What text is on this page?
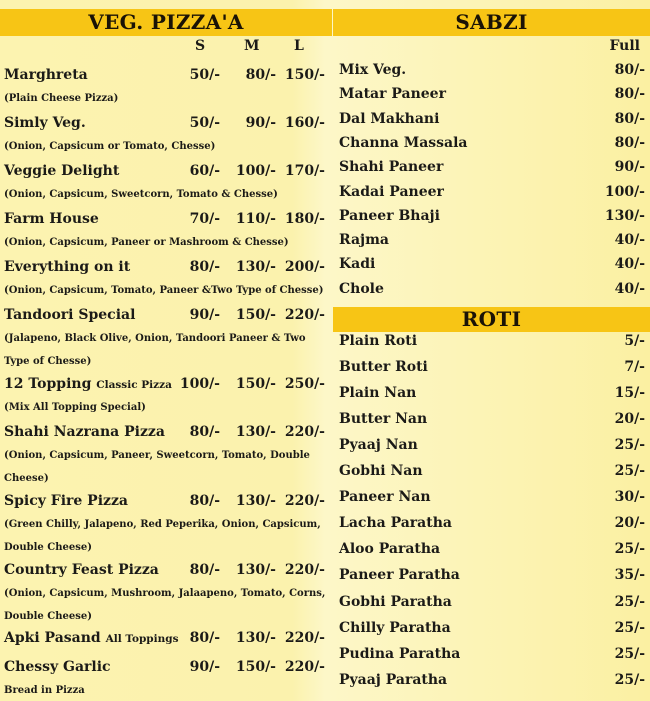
VEG. PIZZA'A
S	M L
Marghreta	50/- 80/- 150/-
(Plain Cheese Pizza)
Simly Veg.	50/- 90/- 160/-
(Onion, Capsicum or Tomato, Chesse)
Veggie Delight	60/- 100/- 170/-
(Onion, Capsicum, Sweetcorn, Tomato & Chesse)
Farm House	70/- 110/- 180/-
(Onion, Capsicum, Paneer or Mashroom & Chesse)
Everything on it	80/- 130/- 200/-
(Onion, Capsicum, Tomato, Paneer &Two Type of Chesse)
Tandoori Special	90/- 150/- 220/-
(Jalapeno, Black Olive, Onion, Tandoori Paneer & Two
Type of Chesse)
12 Topping Classic Pizza 100/- 150/- 250/-
(Mix All Topping Special)
Shahi Nazrana Pizza 80/- 130/- 220/-
(Onion, Capsicum, Paneer, Sweetcorn, Tomato, Double
Cheese)
Spicy Fire Pizza	80/- 130/- 220/-
(Green Chilly, Jalapeno, Red Peperika, Onion, Capsicum,
Double Cheese)
Country Feast Pizza 80/- 130/- 220/-
(Onion, Capsicum, Mushroom, Jalaapeno, Tomato, Corns,
Double Cheese)
Apki Pasand All Toppings 80/- 130/- 220/-
Chessy Garlic	90/- 150/- 220/-
Bread in Pizza
SABZI
Full
Mix Veg.	80/-
Matar Paneer	80/-
Dal Makhani	80/-
Channa Massala	80/-
Shahi Paneer	90/-
Kadai Paneer	100/-
Paneer Bhaji	130/-
Rajma	40/-
Kadi	40/-
Chole	40/-
ROTI
Plain Roti	5/-
Butter Roti	7/-
Plain Nan	15/-
Butter Nan	20/-
Pyaaj Nan	25/-
Gobhi Nan	25/-
Paneer Nan	30/-
Lacha Paratha	20/-
Aloo Paratha	25/-
Paneer Paratha	35/-
Gobhi Paratha	25/-
Chilly Paratha	25/-
Pudina Paratha	25/-
Pyaaj Paratha	25/-
